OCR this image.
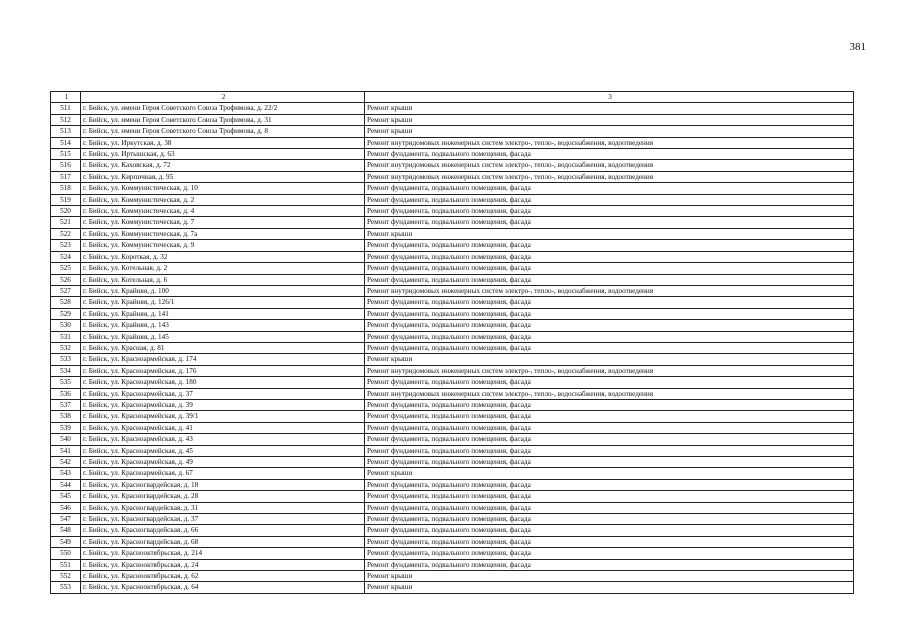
381
1	2	3
511	г. Бийск, ул. имени Героя Советского Союза Трофимова, д. 22/2	Ремонт крыши
512	г. Бийск, ул. имени Героя Советского Союза Трофимова, д. 31	Ремонт крыши
513	г. Бийск, ул. имени Героя Советского Союза Трофимова, д. 8	Ремонт крыши
514	г. Бийск, ул. Иркутская, д. 38	Ремонт внутридомовых инженерных систем электро-, тепло-, водоснабжения, водоотведения
515	г. Бийск, ул. Иртышская, д. 63	Ремонт фундамента, подвального помещения, фасада
516	г. Бийск, ул. Каховская, д. 72	Ремонт внутридомовых инженерных систем электро-, тепло-, водоснабжения, водоотведения
517	г. Бийск, ул. Кирпичная, д. 95	Ремонт внутридомовых инженерных систем электро-, тепло-, водоснабжения, водоотведения
518	г. Бийск, ул. Коммунистическая, д. 10	Ремонт фундамента, подвального помещения, фасада
519	г. Бийск, ул. Коммунистическая, д. 2	Ремонт фундамента, подвального помещения, фасада
520	г. Бийск, ул. Коммунистическая, д. 4	Ремонт фундамента, подвального помещения, фасада
521	г. Бийск, ул. Коммунистическая, д. 7	Ремонт фундамента, подвального помещения, фасада
522	г. Бийск, ул. Коммунистическая, д. 7а	Ремонт крыши
523	г. Бийск, ул. Коммунистическая, д. 9	Ремонт фундамента, подвального помещения, фасада
524	г. Бийск, ул. Короткая, д. 32	Ремонт фундамента, подвального помещения, фасада
525	г. Бийск, ул. Котельная, д. 2	Ремонт фундамента, подвального помещения, фасада
526	г. Бийск, ул. Котельная, д. 6	Ремонт фундамента, подвального помещения, фасада
527	г. Бийск, ул. Крайняя, д. 100	Ремонт внутридомовых инженерных систем электро-, тепло-, водоснабжения, водоотведения
528	г. Бийск, ул. Крайняя, д. 126/1	Ремонт фундамента, подвального помещения, фасада
529	г. Бийск, ул. Крайняя, д. 141	Ремонт фундамента, подвального помещения, фасада
530	г. Бийск, ул. Крайняя, д. 143	Ремонт фундамента, подвального помещения, фасада
531	г. Бийск, ул. Крайняя, д. 145	Ремонт фундамента, подвального помещения, фасада
532	г. Бийск, ул. Красная, д. 81	Ремонт фундамента, подвального помещения, фасада
533	г. Бийск, ул. Красноармейская, д. 174	Ремонт крыши
534	г. Бийск, ул. Красноармейская, д. 176	Ремонт внутридомовых инженерных систем электро-, тепло-, водоснабжения, водоотведения
535	г. Бийск, ул. Красноармейская, д. 180	Ремонт фундамента, подвального помещения, фасада
536	г. Бийск, ул. Красноармейская, д. 37	Ремонт внутридомовых инженерных систем электро-, тепло-, водоснабжения, водоотведения
537	г. Бийск, ул. Красноармейская, д. 39	Ремонт фундамента, подвального помещения, фасада
538	г. Бийск, ул. Красноармейская, д. 39/1	Ремонт фундамента, подвального помещения, фасада
539	г. Бийск, ул. Красноармейская, д. 41	Ремонт фундамента, подвального помещения, фасада
540	г. Бийск, ул. Красноармейская, д. 43	Ремонт фундамента, подвального помещения, фасада
541	г. Бийск, ул. Красноармейская, д. 45	Ремонт фундамента, подвального помещения, фасада
542	г. Бийск, ул. Красноармейская, д. 49	Ремонт фундамента, подвального помещения, фасада
543	г. Бийск, ул. Красноармейская, д. 67	Ремонт крыши
544	г. Бийск, ул. Красногвардейская, д. 18	Ремонт фундамента, подвального помещения, фасада
545	г. Бийск, ул. Красногвардейская, д. 28	Ремонт фундамента, подвального помещения, фасада
546	г. Бийск, ул. Красногвардейская, д. 31	Ремонт фундамента, подвального помещения, фасада
547	г. Бийск, ул. Красногвардейская, д. 37	Ремонт фундамента, подвального помещения, фасада
548	г. Бийск, ул. Красногвардейская, д. 66	Ремонт фундамента, подвального помещения, фасада
549	г. Бийск, ул. Красногвардейская, д. 68	Ремонт фундамента, подвального помещения, фасада
550	г. Бийск, ул. Краснооктябрьская, д. 214	Ремонт фундамента, подвального помещения, фасада
551	г. Бийск, ул. Краснооктябрьская, д. 24	Ремонт фундамента, подвального помещения, фасада
552	г. Бийск, ул. Краснооктябрьская, д. 62	Ремонт крыши
553	г. Бийск, ул. Краснооктябрьская, д. 64	Ремонт крыши
